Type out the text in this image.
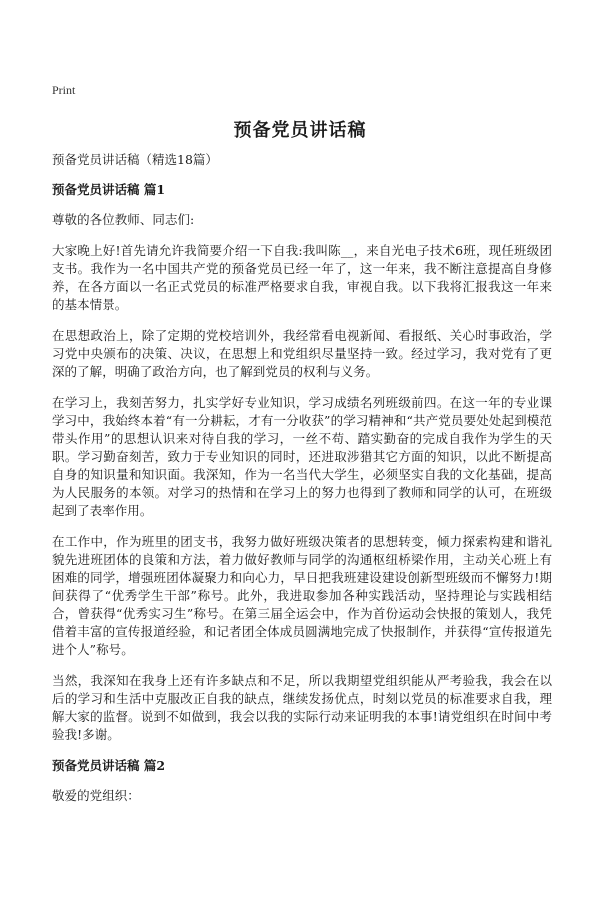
Print
预备党员讲话稿
预备党员讲话稿（精选18篇）
预备党员讲话稿 篇1
尊敬的各位教师、同志们:
大家晚上好!首先请允许我简要介绍一下自我:我叫陈__，来自光电子技术6班，现任班级团支书。我作为一名中国共产党的预备党员已经一年了，这一年来，我不断注意提高自身修养，在各方面以一名正式党员的标准严格要求自我，审视自我。以下我将汇报我这一年来的基本情景。
在思想政治上，除了定期的党校培训外，我经常看电视新闻、看报纸、关心时事政治，学习党中央颁布的决策、决议，在思想上和党组织尽量坚持一致。经过学习，我对党有了更深的了解，明确了政治方向，也了解到党员的权利与义务。
在学习上，我刻苦努力，扎实学好专业知识，学习成绩名列班级前四。在这一年的专业课学习中，我始终本着“有一分耕耘，才有一分收获”的学习精神和“共产党员要处处起到模范带头作用”的思想认识来对待自我的学习，一丝不苟、踏实勤奋的完成自我作为学生的天职。学习勤奋刻苦，致力于专业知识的同时，还进取涉猎其它方面的知识，以此不断提高自身的知识量和知识面。我深知，作为一名当代大学生，必须坚实自我的文化基础，提高为人民服务的本领。对学习的热情和在学习上的努力也得到了教师和同学的认可，在班级起到了表率作用。
在工作中，作为班里的团支书，我努力做好班级决策者的思想转变，倾力探索构建和谐礼貌先进班团体的良策和方法，着力做好教师与同学的沟通枢纽桥梁作用，主动关心班上有困难的同学，增强班团体凝聚力和向心力，早日把我班建设建设创新型班级而不懈努力!期间获得了“优秀学生干部”称号。此外，我进取参加各种实践活动，坚持理论与实践相结合，曾获得“优秀实习生”称号。在第三届全运会中，作为首份运动会快报的策划人，我凭借着丰富的宣传报道经验，和记者团全体成员圆满地完成了快报制作，并获得“宣传报道先进个人”称号。
当然，我深知在我身上还有许多缺点和不足，所以我期望党组织能从严考验我，我会在以后的学习和生活中克服改正自我的缺点，继续发扬优点，时刻以党员的标准要求自我，理解大家的监督。说到不如做到，我会以我的实际行动来证明我的本事!请党组织在时间中考验我!多谢。
预备党员讲话稿 篇2
敬爱的党组织：
